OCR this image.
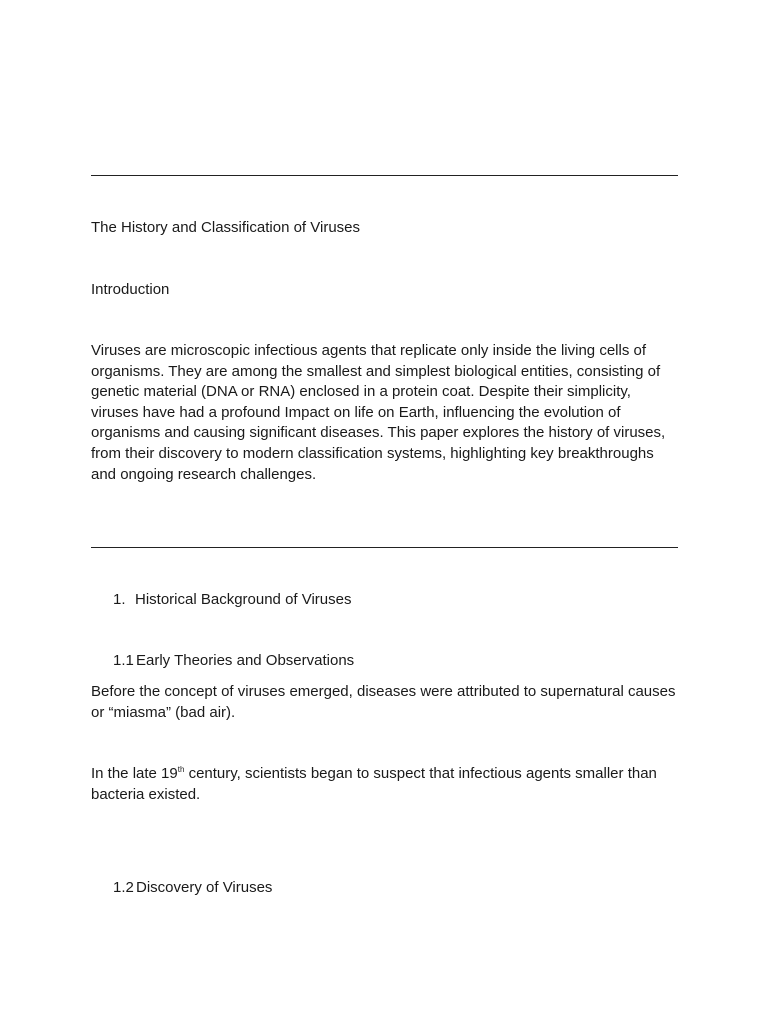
The History and Classification of Viruses
Introduction
Viruses are microscopic infectious agents that replicate only inside the living cells of
organisms. They are among the smallest and simplest biological entities, consisting of
genetic material (DNA or RNA) enclosed in a protein coat. Despite their simplicity,
viruses have had a profound Impact on life on Earth, influencing the evolution of
organisms and causing significant diseases. This paper explores the history of viruses,
from their discovery to modern classification systems, highlighting key breakthroughs
and ongoing research challenges.
1. Historical Background of Viruses
1.1 Early Theories and Observations
Before the concept of viruses emerged, diseases were attributed to supernatural causes
or “miasma” (bad air).
In the late 19th century, scientists began to suspect that infectious agents smaller than
bacteria existed.
1.2 Discovery of Viruses
